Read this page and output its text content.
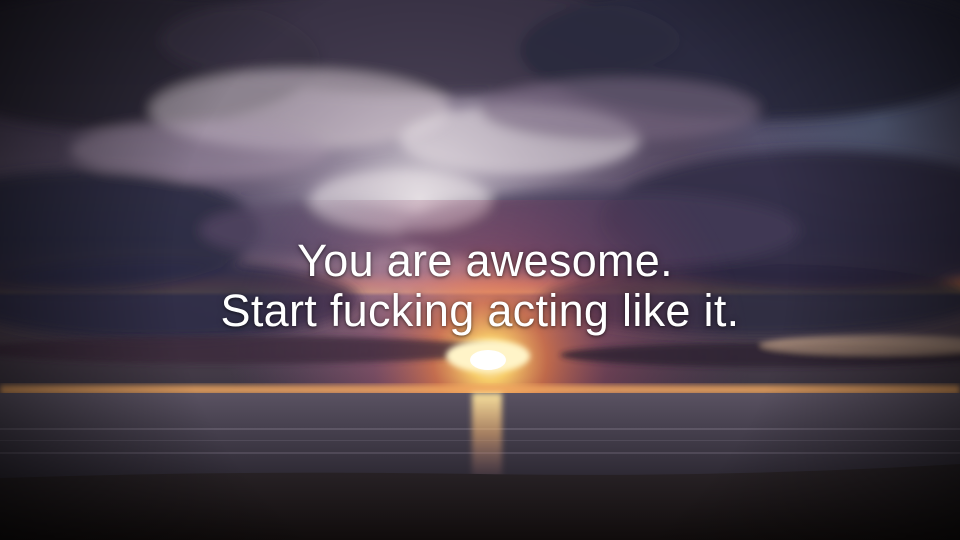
You are awesome.
Start fucking acting like it.
